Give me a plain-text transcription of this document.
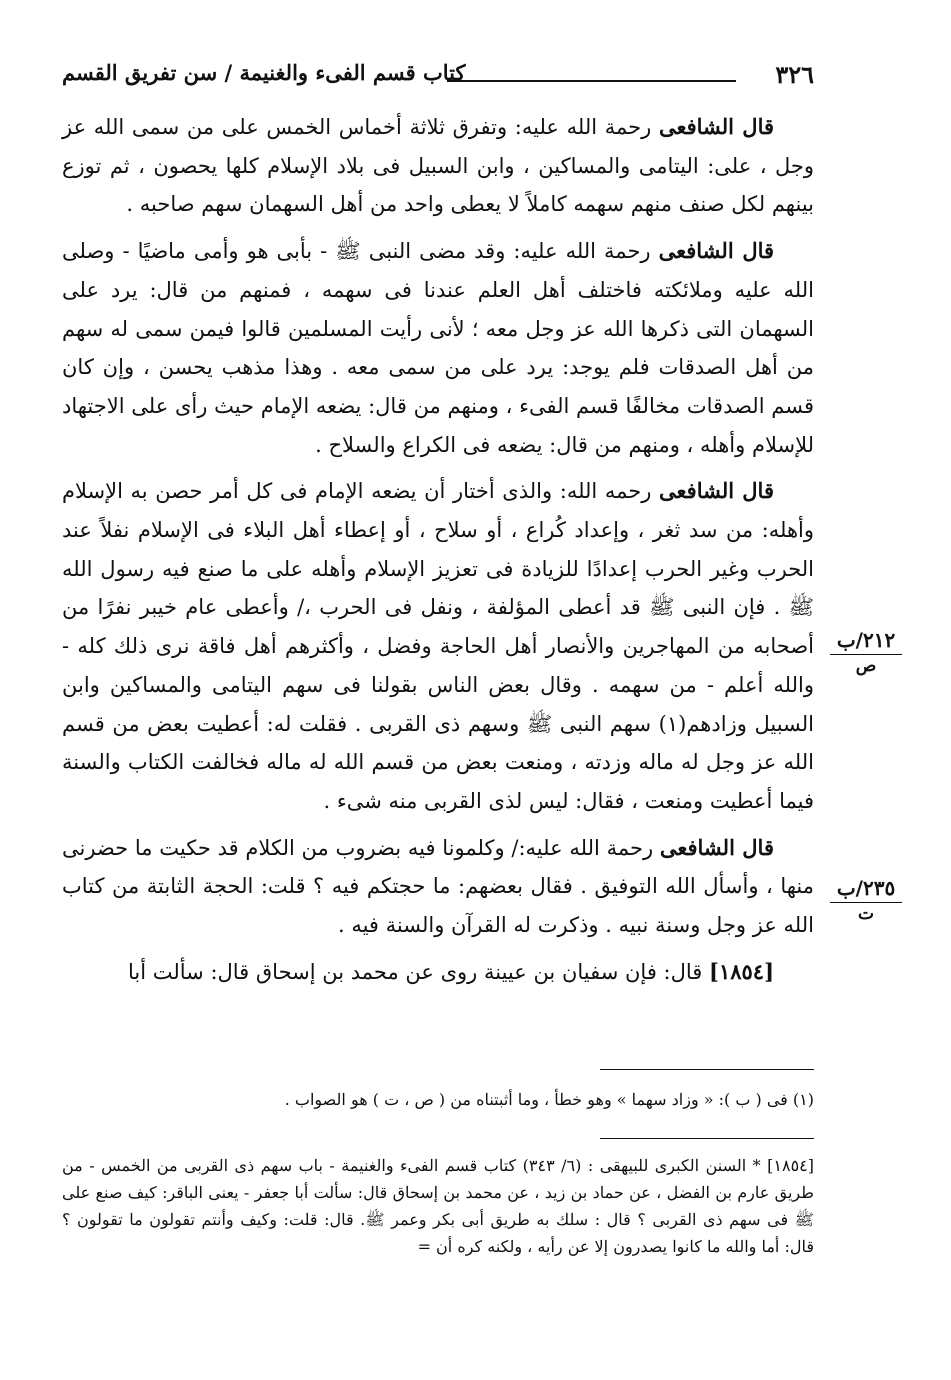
٣٢٦
كتاب قسم الفىء والغنيمة / سن تفريق القسم

قال الشافعى رحمة الله عليه: وتفرق ثلاثة أخماس الخمس على من سمى الله عز وجل ، على: اليتامى والمساكين ، وابن السبيل فى بلاد الإسلام كلها يحصون ، ثم توزع بينهم لكل صنف منهم سهمه كاملاً لا يعطى واحد من أهل السهمان سهم صاحبه .

قال الشافعى رحمة الله عليه: وقد مضى النبى ﷺ - بأبى هو وأمى ماضيًا - وصلى الله عليه وملائكته فاختلف أهل العلم عندنا فى سهمه ، فمنهم من قال: يرد على السهمان التى ذكرها الله عز وجل معه ؛ لأنى رأيت المسلمين قالوا فيمن سمى له سهم من أهل الصدقات فلم يوجد: يرد على من سمى معه . وهذا مذهب يحسن ، وإن كان قسم الصدقات مخالفًا قسم الفىء ، ومنهم من قال: يضعه الإمام حيث رأى على الاجتهاد للإسلام وأهله ، ومنهم من قال: يضعه فى الكراع والسلاح .

قال الشافعى رحمه الله: والذى أختار أن يضعه الإمام فى كل أمر حصن به الإسلام وأهله: من سد ثغر ، وإعداد كُراع ، أو سلاح ، أو إعطاء أهل البلاء فى الإسلام نفلاً عند الحرب وغير الحرب إعدادًا للزيادة فى تعزيز الإسلام وأهله على ما صنع فيه رسول الله ﷺ . فإن النبى ﷺ قد أعطى المؤلفة ، ونفل فى الحرب ،/ وأعطى عام خيبر نفرًا من أصحابه من المهاجرين والأنصار أهل الحاجة وفضل ، وأكثرهم أهل فاقة نرى ذلك كله - والله أعلم - من سهمه . وقال بعض الناس بقولنا فى سهم اليتامى والمساكين وابن السبيل وزادهم(١) سهم النبى ﷺ وسهم ذى القربى . فقلت له: أعطيت بعض من قسم الله عز وجل له ماله وزدته ، ومنعت بعض من قسم الله له ماله فخالفت الكتاب والسنة فيما أعطيت ومنعت ، فقال: ليس لذى القربى منه شىء .

قال الشافعى رحمة الله عليه:/ وكلمونا فيه بضروب من الكلام قد حكيت ما حضرنى منها ، وأسأل الله التوفيق . فقال بعضهم: ما حجتكم فيه ؟ قلت: الحجة الثابتة من كتاب الله عز وجل وسنة نبيه . وذكرت له القرآن والسنة فيه .

[١٨٥٤] قال: فإن سفيان بن عيينة روى عن محمد بن إسحاق قال: سألت أبا

٢١٢/ب
ص
٢٣٥/ب
ت

(١) فى ( ب ): « وزاد سهما » وهو خطأ ، وما أثبتناه من ( ص ، ت ) هو الصواب .

[١٨٥٤] * السنن الكبرى للبيهقى : (٦/ ٣٤٣) كتاب قسم الفىء والغنيمة - باب سهم ذى القربى من الخمس - من طريق عارم بن الفضل ، عن حماد بن زيد ، عن محمد بن إسحاق قال: سألت أبا جعفر - يعنى الباقر: كيف صنع على ﷺ فى سهم ذى القربى ؟ قال : سلك به طريق أبى بكر وعمر ﷺ. قال: قلت: وكيف وأنتم تقولون ما تقولون ؟ قال: أما والله ما كانوا يصدرون إلا عن رأيه ، ولكنه كره أن =
